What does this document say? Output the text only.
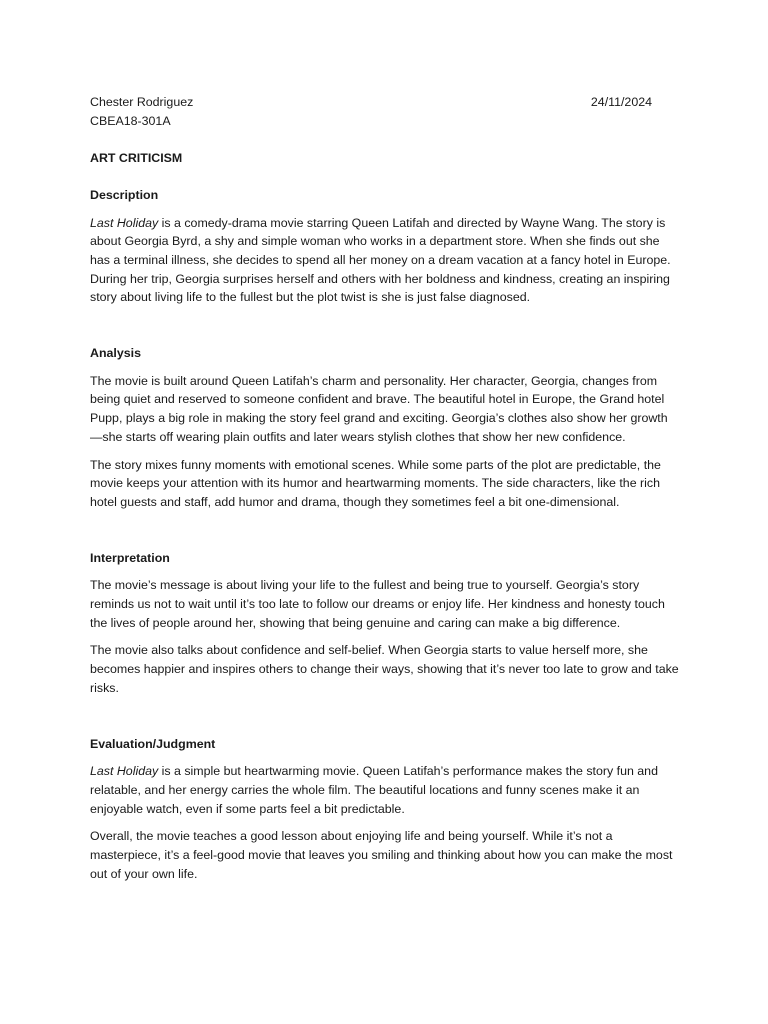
Chester Rodriguez	24/11/2024
CBEA18-301A
ART CRITICISM
Description

Last Holiday is a comedy-drama movie starring Queen Latifah and directed by Wayne Wang. The story is about Georgia Byrd, a shy and simple woman who works in a department store. When she finds out she has a terminal illness, she decides to spend all her money on a dream vacation at a fancy hotel in Europe. During her trip, Georgia surprises herself and others with her boldness and kindness, creating an inspiring story about living life to the fullest but the plot twist is she is just false diagnosed.

Analysis

The movie is built around Queen Latifah’s charm and personality. Her character, Georgia, changes from being quiet and reserved to someone confident and brave. The beautiful hotel in Europe, the Grand hotel Pupp, plays a big role in making the story feel grand and exciting. Georgia’s clothes also show her growth—she starts off wearing plain outfits and later wears stylish clothes that show her new confidence.

The story mixes funny moments with emotional scenes. While some parts of the plot are predictable, the movie keeps your attention with its humor and heartwarming moments. The side characters, like the rich hotel guests and staff, add humor and drama, though they sometimes feel a bit one-dimensional.

Interpretation

The movie’s message is about living your life to the fullest and being true to yourself. Georgia’s story reminds us not to wait until it’s too late to follow our dreams or enjoy life. Her kindness and honesty touch the lives of people around her, showing that being genuine and caring can make a big difference.

The movie also talks about confidence and self-belief. When Georgia starts to value herself more, she becomes happier and inspires others to change their ways, showing that it’s never too late to grow and take risks.

Evaluation/Judgment

Last Holiday is a simple but heartwarming movie. Queen Latifah’s performance makes the story fun and relatable, and her energy carries the whole film. The beautiful locations and funny scenes make it an enjoyable watch, even if some parts feel a bit predictable.

Overall, the movie teaches a good lesson about enjoying life and being yourself. While it’s not a masterpiece, it’s a feel-good movie that leaves you smiling and thinking about how you can make the most out of your own life.
